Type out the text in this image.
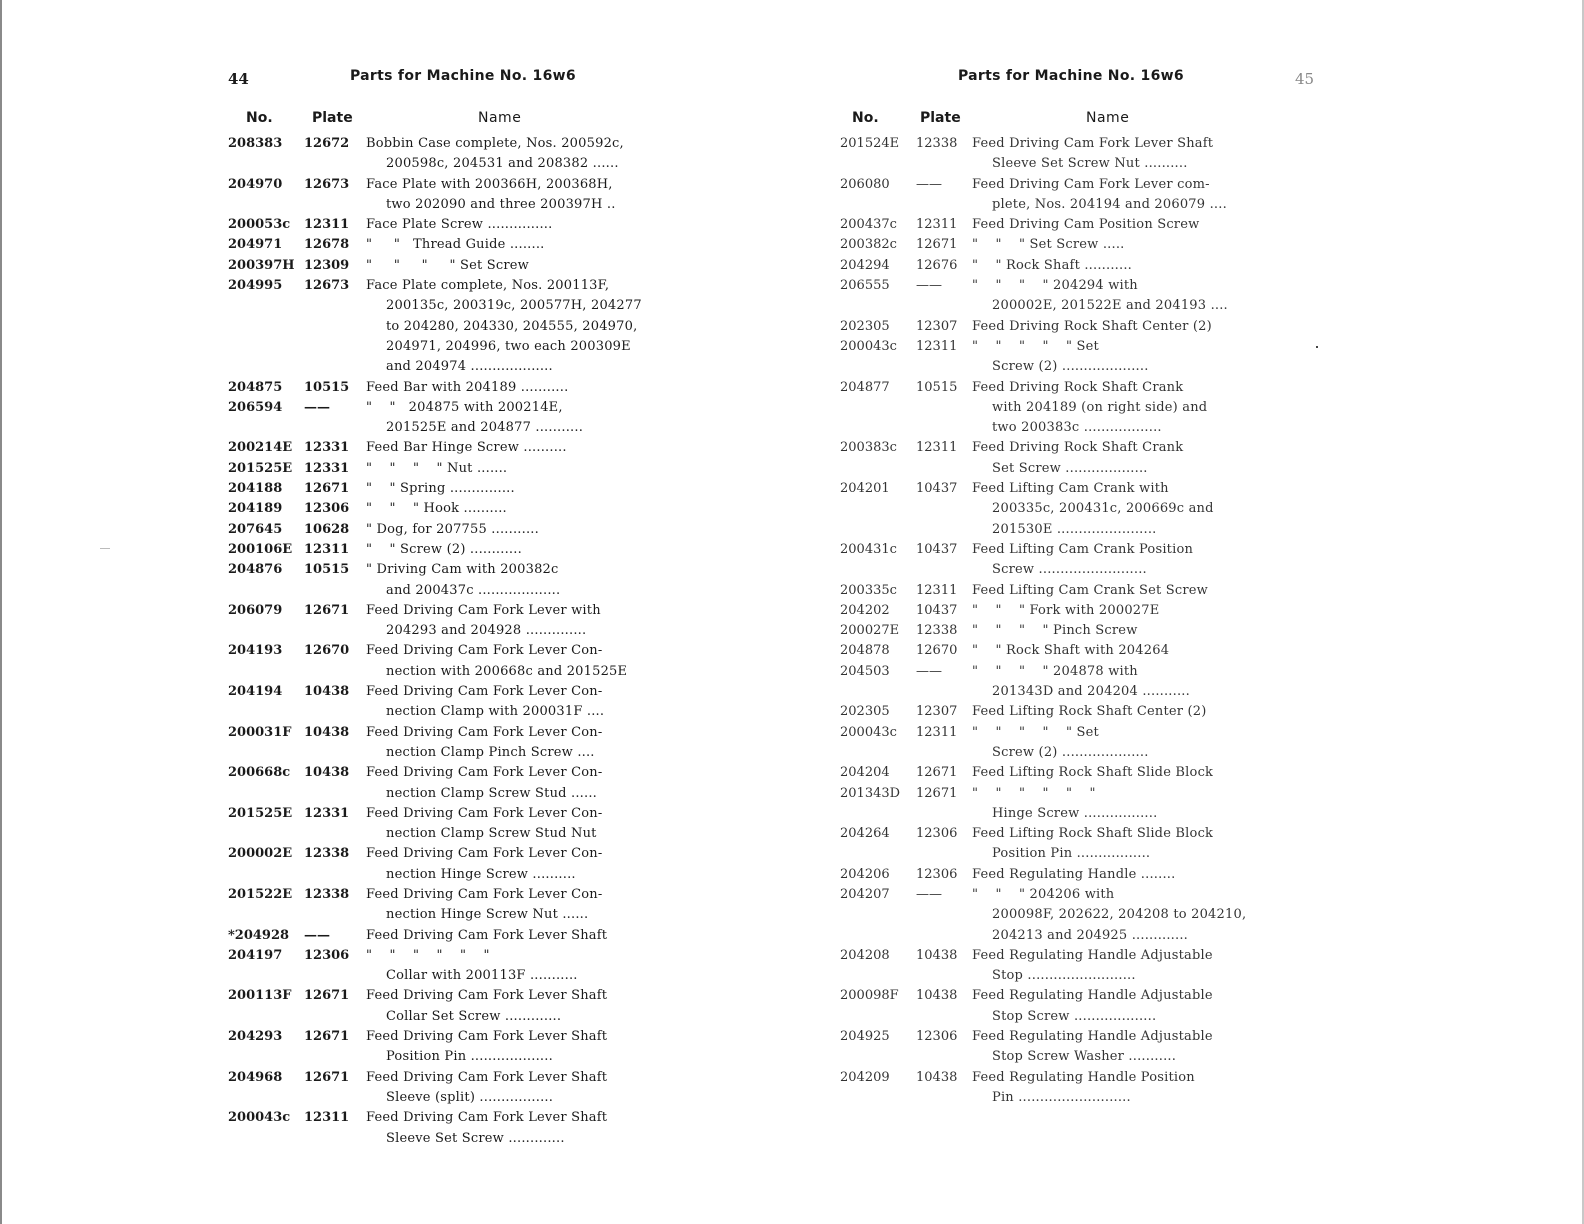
44	Parts for Machine No. 16w6
No.	Plate	Name
208383	12672	Bobbin Case complete, Nos. 200592c,
200598c, 204531 and 208382 ......
204970	12673	Face Plate with 200366H, 200368H,
two 202090 and three 200397H ..
200053c	12311	Face Plate Screw ...............
204971	12678	"     "   Thread Guide ........
200397H 12309	"     "     "     " Set Screw
204995	12673	Face Plate complete, Nos. 200113F,
200135c, 200319c, 200577H, 204277
to 204280, 204330, 204555, 204970,
204971, 204996, two each 200309E
and 204974 ...................
204875	10515	Feed Bar with 204189 ...........
206594	——	"    "   204875 with 200214E,
201525E and 204877 ...........
200214E 12331	Feed Bar Hinge Screw ..........
201525E 12331	"    "    "    " Nut .......
204188	12671	"    " Spring ...............
204189	12306	"    "    " Hook ..........
207645	10628	" Dog, for 207755 ...........
200106E 12311	"    " Screw (2) ............
204876	10515	" Driving Cam with 200382c
and 200437c ...................
206079	12671	Feed Driving Cam Fork Lever with
204293 and 204928 ..............
204193	12670	Feed Driving Cam Fork Lever Con-
nection with 200668c and 201525E
204194	10438	Feed Driving Cam Fork Lever Con-
nection Clamp with 200031F ....
200031F 10438	Feed Driving Cam Fork Lever Con-
nection Clamp Pinch Screw ....
200668c	10438	Feed Driving Cam Fork Lever Con-
nection Clamp Screw Stud ......
201525E 12331	Feed Driving Cam Fork Lever Con-
nection Clamp Screw Stud Nut
200002E 12338	Feed Driving Cam Fork Lever Con-
nection Hinge Screw ..........
201522E 12338	Feed Driving Cam Fork Lever Con-
nection Hinge Screw Nut ......
*204928	——	Feed Driving Cam Fork Lever Shaft
204197	12306	"    "    "    "    "    "
Collar with 200113F ...........
200113F 12671	Feed Driving Cam Fork Lever Shaft
Collar Set Screw .............
204293	12671	Feed Driving Cam Fork Lever Shaft
Position Pin ...................
204968	12671	Feed Driving Cam Fork Lever Shaft
Sleeve (split) .................
200043c	12311	Feed Driving Cam Fork Lever Shaft
Sleeve Set Screw .............
Parts for Machine No. 16w6	45
No.	Plate	Name
201524E	12338	Feed Driving Cam Fork Lever Shaft
Sleeve Set Screw Nut ..........
206080	——	Feed Driving Cam Fork Lever com-
plete, Nos. 204194 and 206079 ....
200437c	12311	Feed Driving Cam Position Screw
200382c	12671	"    "    " Set Screw .....
204294	12676	"    " Rock Shaft ...........
206555	——	"    "    "    " 204294 with
200002E, 201522E and 204193 ....
202305	12307	Feed Driving Rock Shaft Center (2)
200043c	12311	"    "    "    "    " Set
Screw (2) ....................
204877	10515	Feed Driving Rock Shaft Crank
with 204189 (on right side) and
two 200383c ..................
200383c	12311	Feed Driving Rock Shaft Crank
Set Screw ...................
204201	10437	Feed Lifting Cam Crank with
200335c, 200431c, 200669c and
201530E .......................
200431c	10437	Feed Lifting Cam Crank Position
Screw .........................
200335c	12311	Feed Lifting Cam Crank Set Screw
204202	10437	"    "    " Fork with 200027E
200027E	12338	"    "    "    " Pinch Screw
204878	12670	"    " Rock Shaft with 204264
204503	——	"    "    "    " 204878 with
201343D and 204204 ...........
202305	12307	Feed Lifting Rock Shaft Center (2)
200043c	12311	"    "    "    "    " Set
Screw (2) ....................
204204	12671	Feed Lifting Rock Shaft Slide Block
201343D	12671	"    "    "    "    "    "
Hinge Screw .................
204264	12306	Feed Lifting Rock Shaft Slide Block
Position Pin .................
204206	12306	Feed Regulating Handle ........
204207	——	"    "    " 204206 with
200098F, 202622, 204208 to 204210,
204213 and 204925 .............
204208	10438	Feed Regulating Handle Adjustable
Stop .........................
200098F	10438	Feed Regulating Handle Adjustable
Stop Screw ...................
204925	12306	Feed Regulating Handle Adjustable
Stop Screw Washer ...........
204209	10438	Feed Regulating Handle Position
Pin ..........................
